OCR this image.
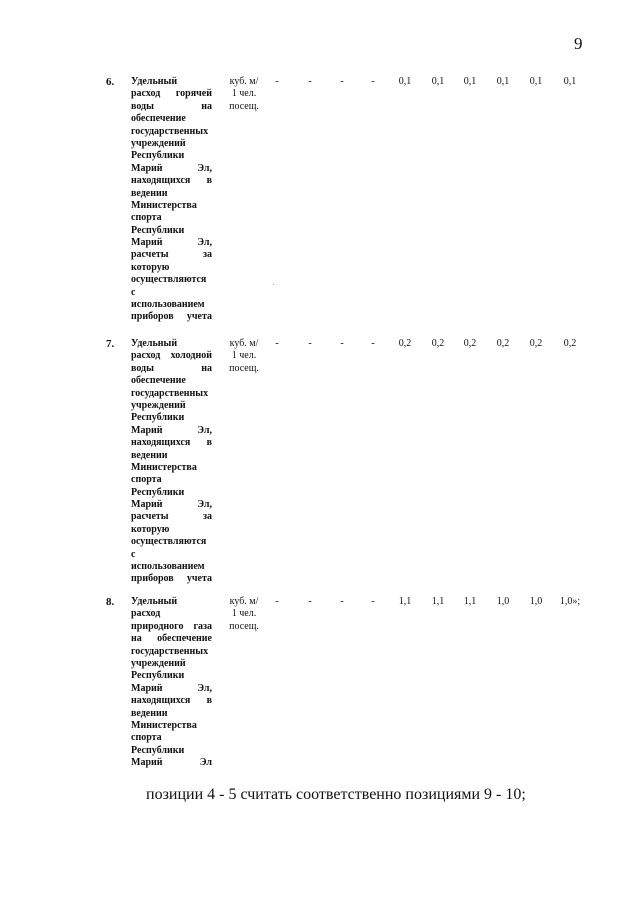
9
6. Удельный
расход горячей
воды на
обеспечение
государственных
учреждений
Республики
Марий Эл,
находящихся в
ведении
Министерства
спорта
Республики
Марий Эл,
расчеты за
которую
осуществляются
с
использованием
приборов учета
куб. м/
1 чел.
посещ.
-	-	-	-	0,1	0,1	0,1	0,1	0,1	0,1
7. Удельный
расход холодной
воды на
обеспечение
государственных
учреждений
Республики
Марий Эл,
находящихся в
ведении
Министерства
спорта
Республики
Марий Эл,
расчеты за
которую
осуществляются
с
использованием
приборов учета
куб. м/
1 чел.
посещ.
-	-	-	-	0,2	0,2	0,2	0,2	0,2	0,2
8. Удельный
расход
природного газа
на обеспечение
государственных
учреждений
Республики
Марий Эл,
находящихся в
ведении
Министерства
спорта
Республики
Марий Эл
куб. м/
1 чел.
посещ.
-	-	-	-	1,1	1,1	1,1	1,0	1,0	1,0»;
позиции 4 - 5 считать соответственно позициями 9 - 10;
